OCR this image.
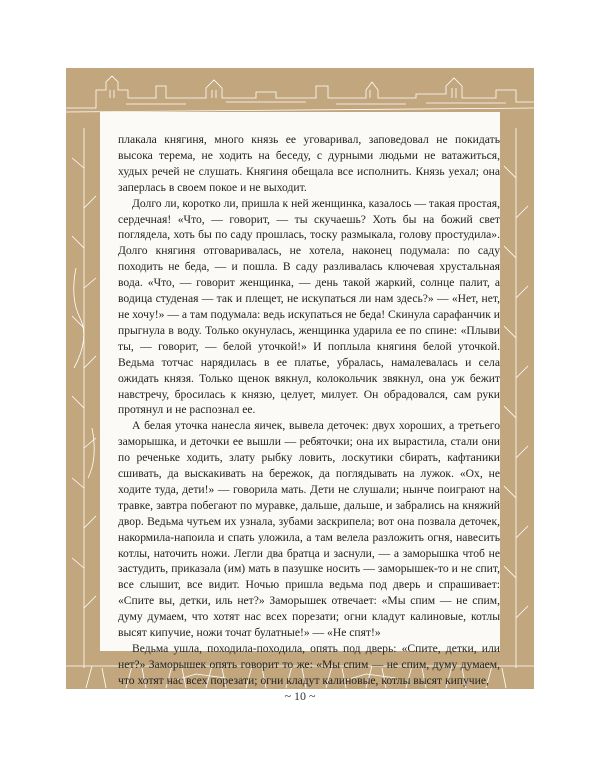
плакала княгиня, много князь ее уговаривал, заповедовал не покидать высока терема, не ходить на беседу, с дурными людьми не ватажиться, худых речей не слушать. Княгиня обещала все исполнить. Князь уехал; она заперлась в своем покое и не выходит.

Долго ли, коротко ли, пришла к ней женщинка, казалось — такая простая, сердечная! «Что, — говорит, — ты скучаешь? Хоть бы на божий свет поглядела, хоть бы по саду прошлась, тоску размыкала, голову простудила». Долго княгиня отговаривалась, не хотела, наконец подумала: по саду походить не беда, — и пошла. В саду разливалась ключевая хрустальная вода. «Что, — говорит женщинка, — день такой жаркий, солнце палит, а водица студеная — так и плещет, не искупаться ли нам здесь?» — «Нет, нет, не хочу!» — а там подумала: ведь искупаться не беда! Скинула сарафанчик и прыгнула в воду. Только окунулась, женщинка ударила ее по спине: «Плыви ты, — говорит, — белой уточкой!» И поплыла княгиня белой уточкой. Ведьма тотчас нарядилась в ее платье, убралась, намалевалась и села ожидать князя. Только щенок вякнул, колокольчик звякнул, она уж бежит навстречу, бросилась к князю, целует, милует. Он обрадовался, сам руки протянул и не распознал ее.

А белая уточка нанесла яичек, вывела деточек: двух хороших, а третьего заморышка, и деточки ее вышли — ребяточки; она их вырастила, стали они по реченьке ходить, злату рыбку ловить, лоскутики сбирать, кафтаники сшивать, да выскакивать на бережок, да поглядывать на лужок. «Ох, не ходите туда, дети!» — говорила мать. Дети не слушали; нынче поиграют на травке, завтра побегают по муравке, дальше, дальше, и забрались на княжий двор. Ведьма чутьем их узнала, зубами заскрипела; вот она позвала деточек, накормила-напоила и спать уложила, а там велела разложить огня, навесить котлы, наточить ножи. Легли два братца и заснули, — а заморышка чтоб не застудить, приказала (им) мать в пазушке носить — заморышек-то и не спит, все слышит, все видит. Ночью пришла ведьма под дверь и спрашивает: «Спите вы, детки, иль нет?» Заморышек отвечает: «Мы спим — не спим, думу думаем, что хотят нас всех порезати; огни кладут калиновые, котлы высят кипучие, ножи точат булатные!» — «Не спят!»

Ведьма ушла, походила-походила, опять под дверь: «Спите, детки, или нет?» Заморышек опять говорит то же: «Мы спим — не спим, думу думаем, что хотят нас всех порезати; огни кладут калиновые, котлы высят кипучие,

~ 10 ~
